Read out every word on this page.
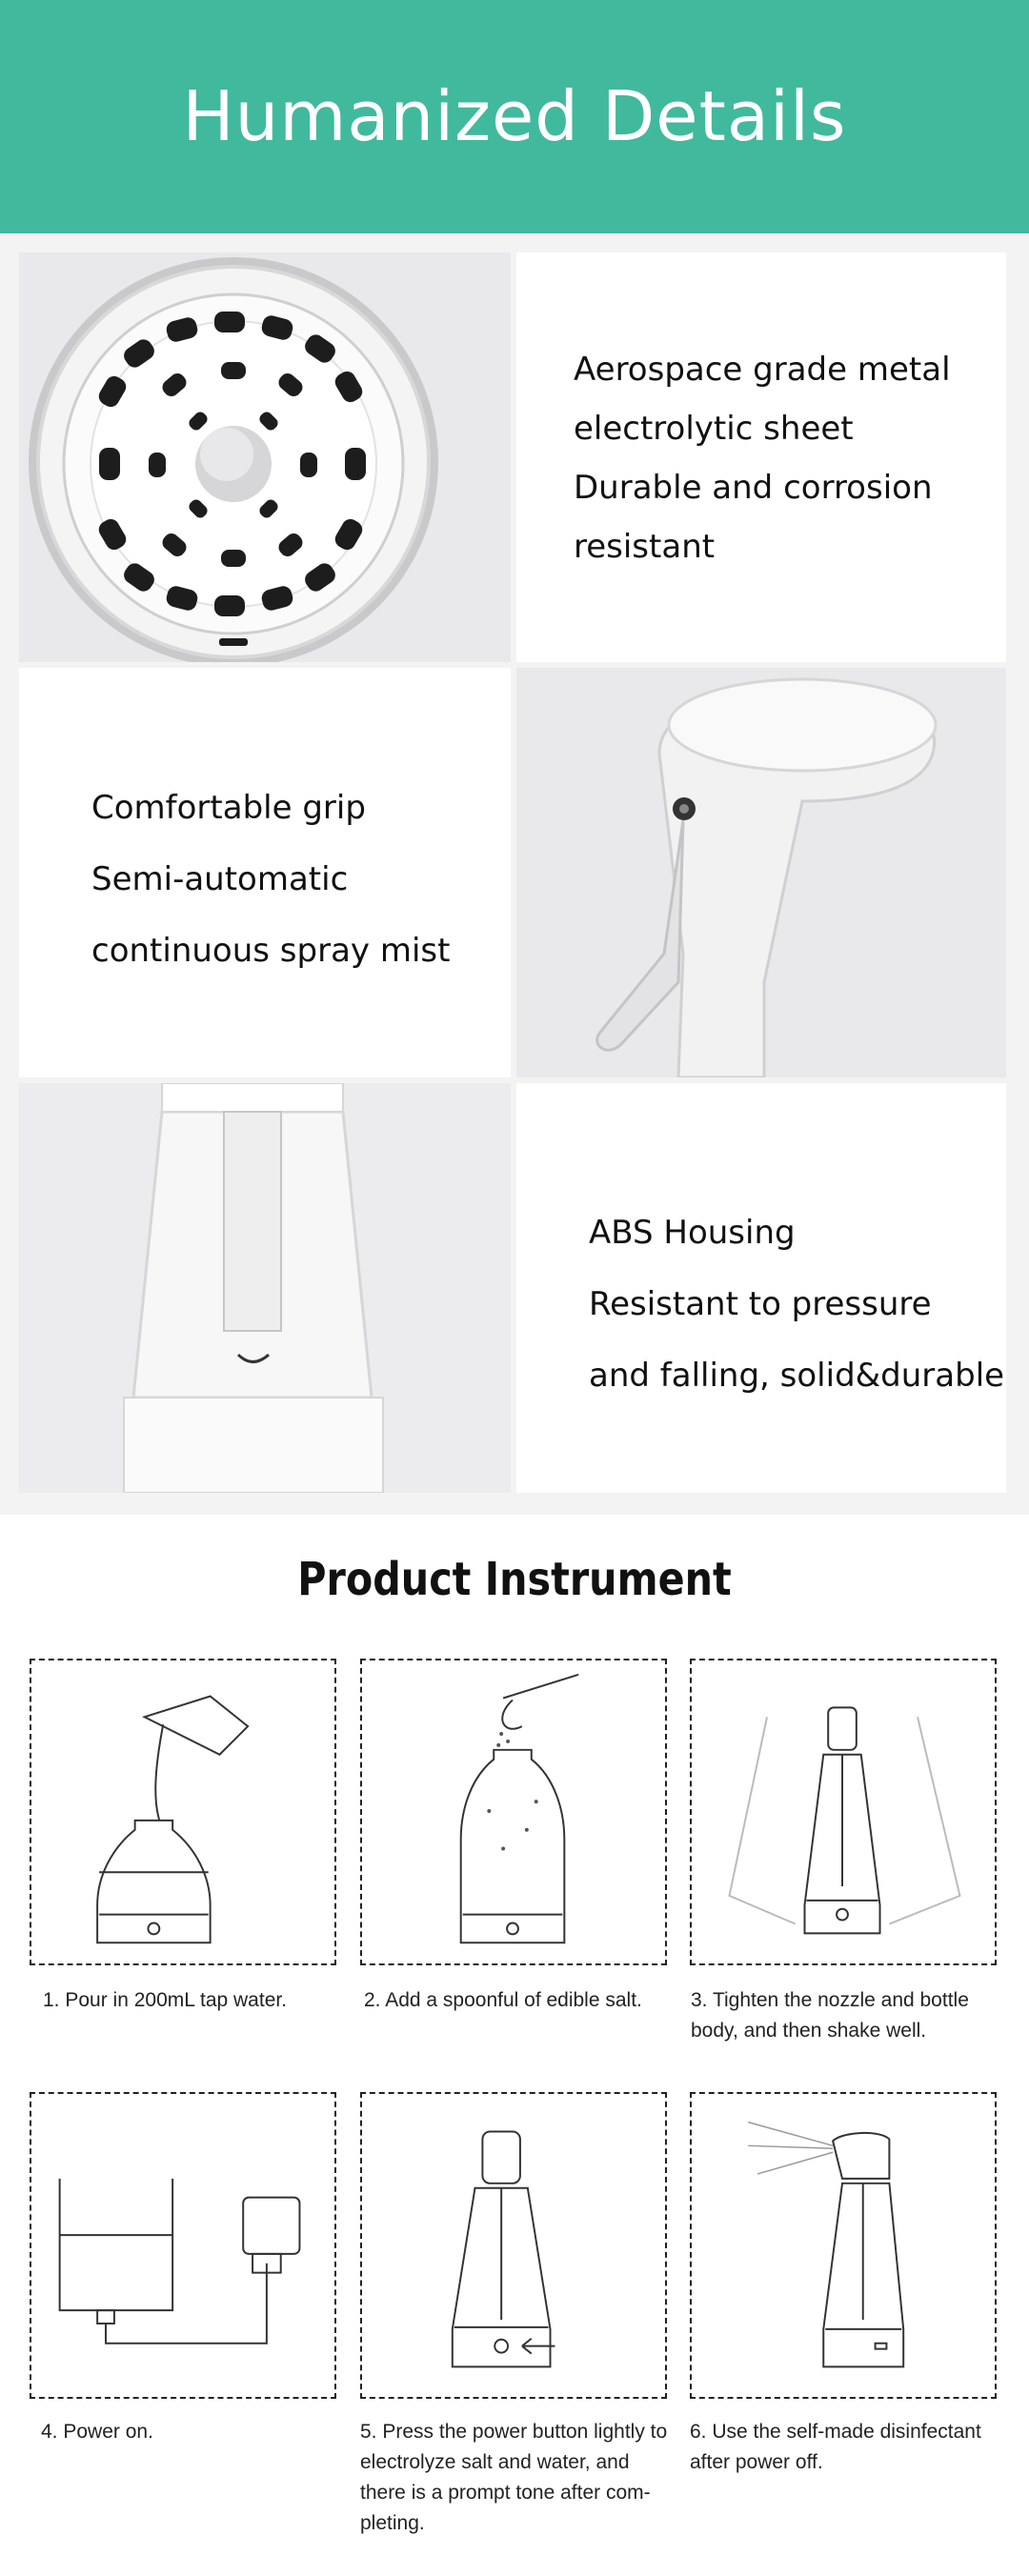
Humanized Details
Aerospace grade metal
electrolytic sheet
Durable and corrosion
resistant
Comfortable grip
Semi-automatic
continuous spray mist
ABS Housing
Resistant to pressure
and falling, solid&durable
Product Instrument
1. Pour in 200mL tap water.	2. Add a spoonful of edible salt.	3. Tighten the nozzle and bottle body, and then shake well.
4. Power on.	5. Press the power button lightly to electrolyze salt and water, and there is a prompt tone after com-pleting.
6. Use the self-made disinfectant after power off.
